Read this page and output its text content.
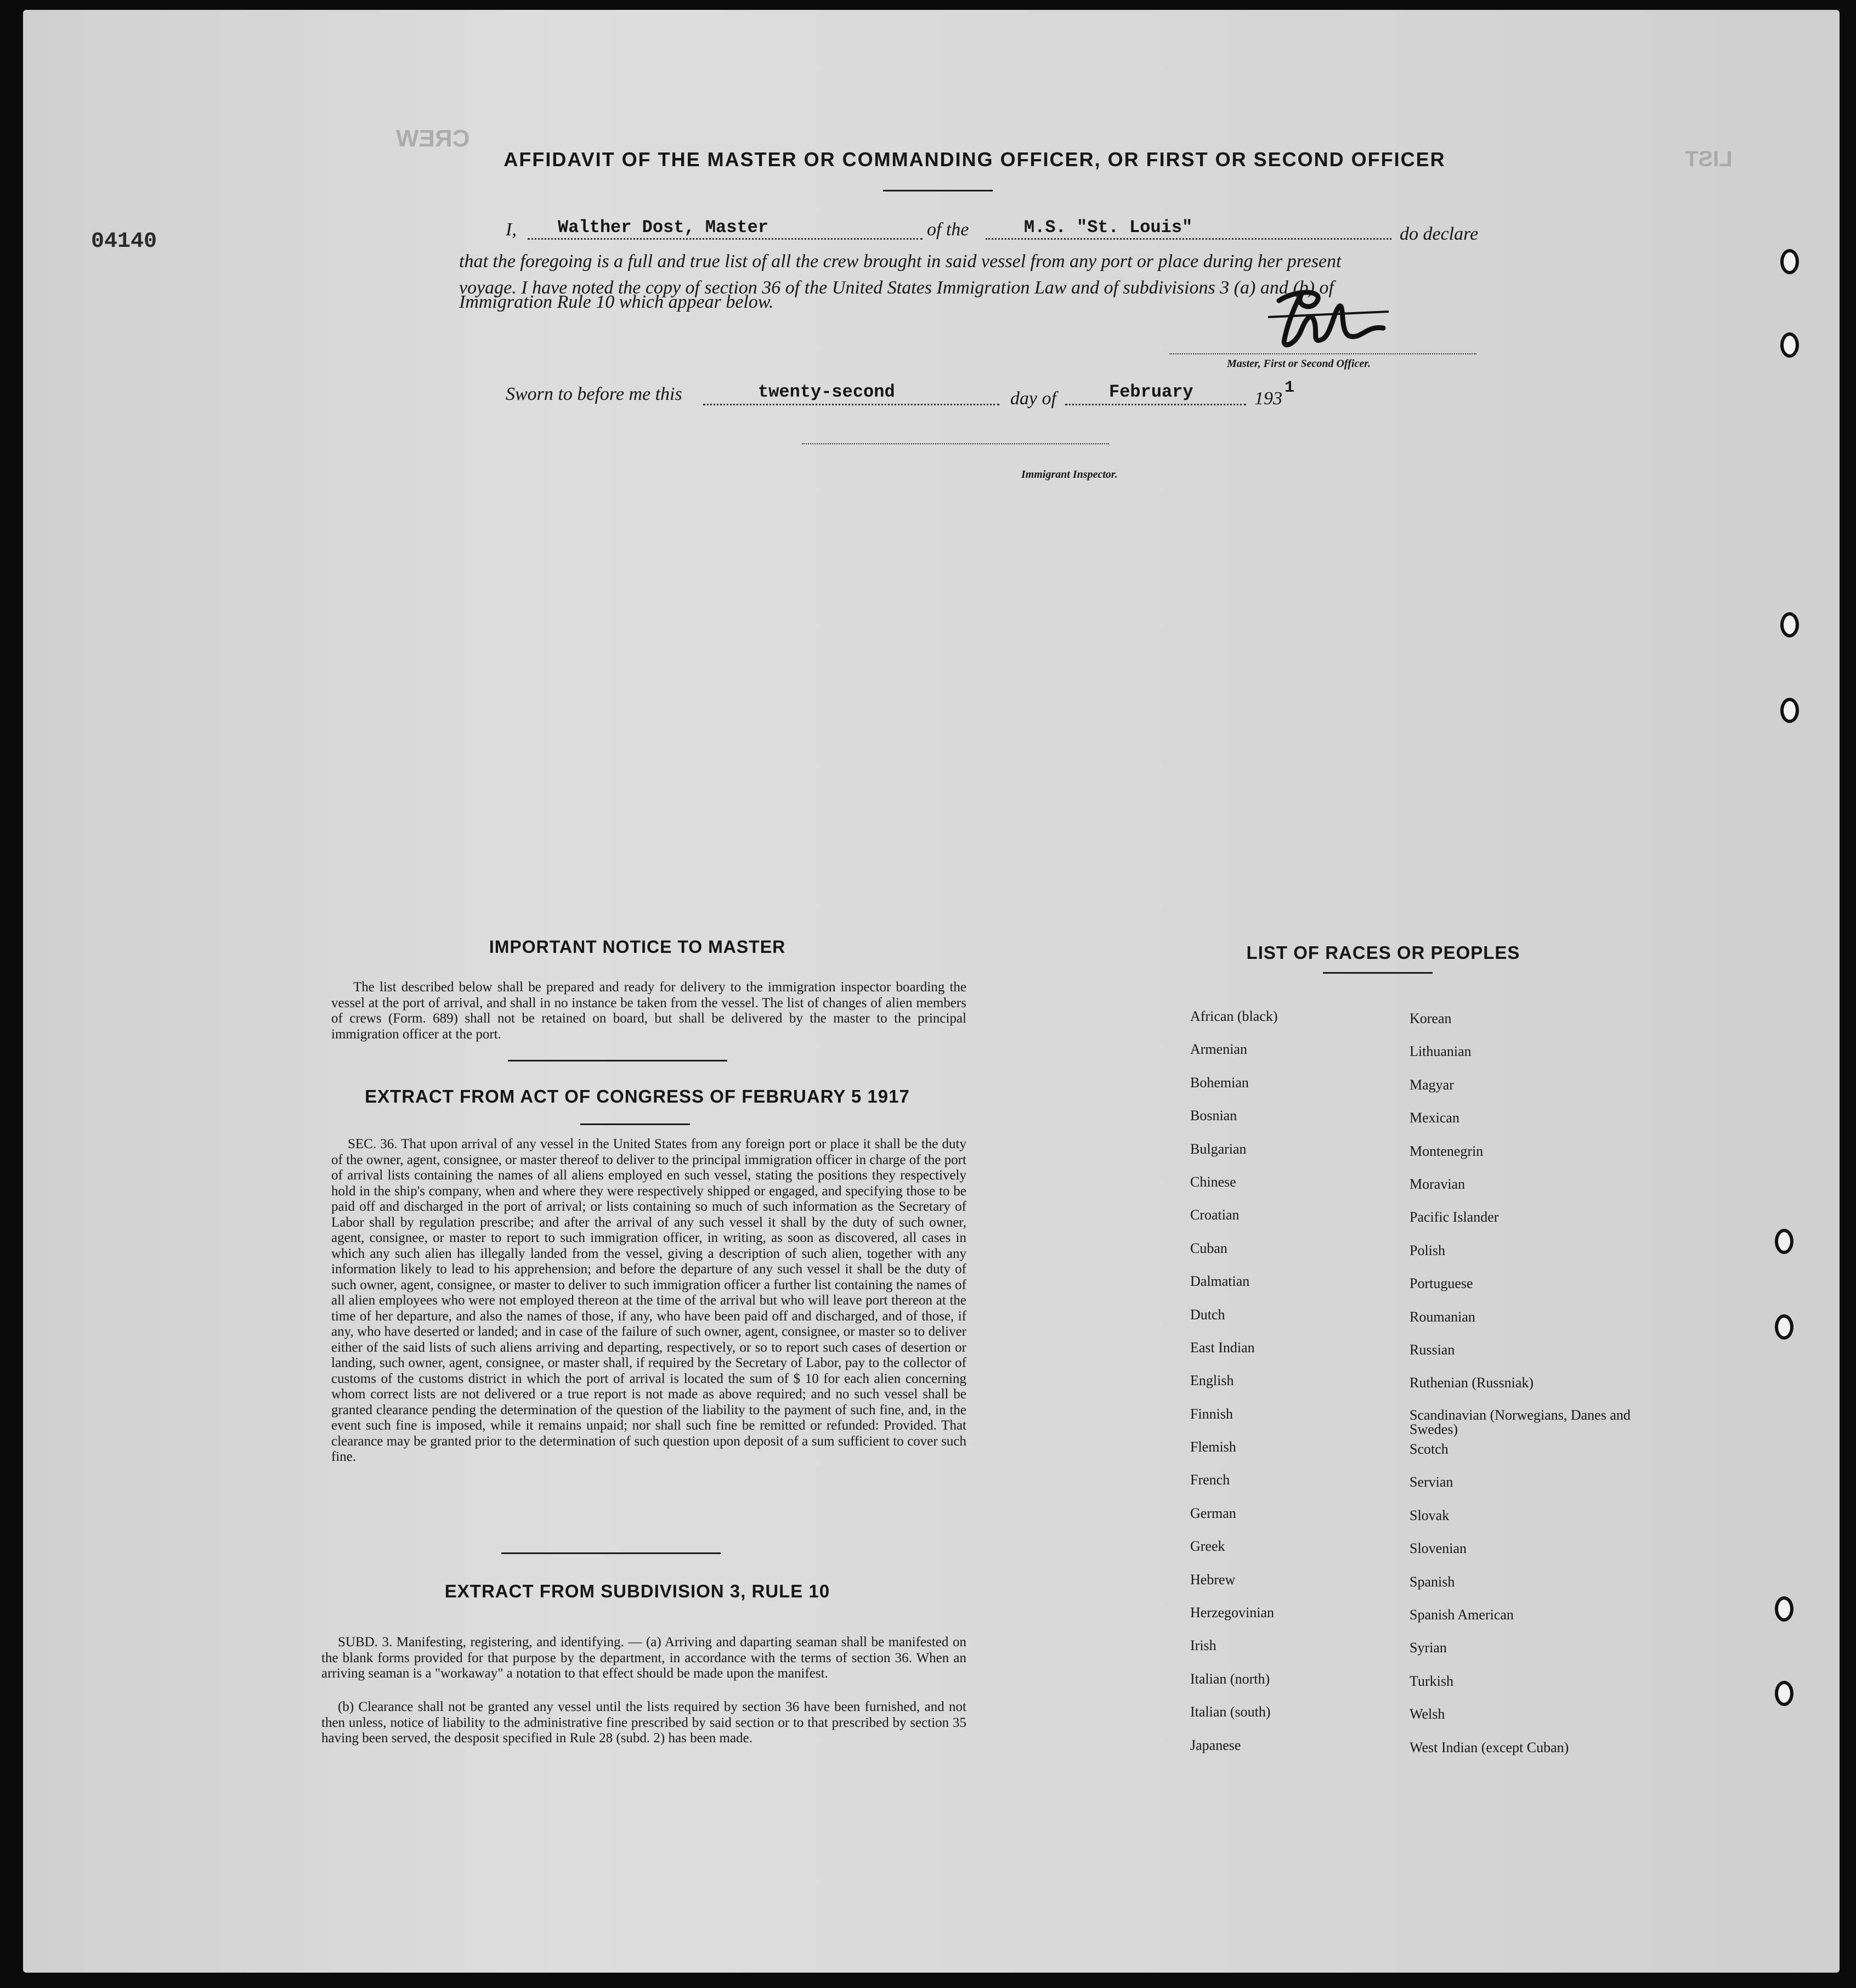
CREW
LIST
04140
AFFIDAVIT OF THE MASTER OR COMMANDING OFFICER, OR FIRST OR SECOND OFFICER
I, Walther Dost, Master	of the	M.S. "St. Louis"	do declare
that the foregoing is a full and true list of all the crew brought in said vessel from any port or place during her present
voyage. I have noted the copy of section 36 of the United States Immigration Law and of subdivisions 3 (a) and (b) of
Immigration Rule 10 which appear below.
Master, First or Second Officer.
Sworn to before me this	twenty-second	day of	February	193
1
Immigrant Inspector.
IMPORTANT NOTICE TO MASTER
The list described below shall be prepared and ready for delivery to the immigration inspector boarding the vessel at the port of arrival, and shall in no instance be taken from the vessel. The list of changes of alien members of crews (Form. 689) shall not be retained on board, but shall be delivered by the master to the principal immigration officer at the port.
EXTRACT FROM ACT OF CONGRESS OF FEBRUARY 5 1917
SEC. 36. That upon arrival of any vessel in the United States from any foreign port or place it shall be the duty of the owner, agent, consignee, or master thereof to deliver to the principal immigration officer in charge of the port of arrival lists containing the names of all aliens employed en such vessel, stating the positions they respectively hold in the ship's company, when and where they were respectively shipped or engaged, and specifying those to be paid off and discharged in the port of arrival; or lists containing so much of such information as the Secretary of Labor shall by regulation prescribe; and after the arrival of any such vessel it shall by the duty of such owner, agent, consignee, or master to report to such immigration officer, in writing, as soon as discovered, all cases in which any such alien has illegally landed from the vessel, giving a description of such alien, together with any information likely to lead to his apprehension; and before the departure of any such vessel it shall be the duty of such owner, agent, consignee, or master to deliver to such immigration officer a further list containing the names of all alien employees who were not employed thereon at the time of the arrival but who will leave port thereon at the time of her departure, and also the names of those, if any, who have been paid off and discharged, and of those, if any, who have deserted or landed; and in case of the failure of such owner, agent, consignee, or master so to deliver either of the said lists of such aliens arriving and departing, respectively, or so to report such cases of desertion or landing, such owner, agent, consignee, or master shall, if required by the Secretary of Labor, pay to the collector of customs of the customs district in which the port of arrival is located the sum of $ 10 for each alien concerning whom correct lists are not delivered or a true report is not made as above required; and no such vessel shall be granted clearance pending the determination of the question of the liability to the payment of such fine, and, in the event such fine is imposed, while it remains unpaid; nor shall such fine be remitted or refunded: Provided. That clearance may be granted prior to the determination of such question upon deposit of a sum sufficient to cover such fine.
EXTRACT FROM SUBDIVISION 3, RULE 10
SUBD. 3. Manifesting, registering, and identifying. — (a) Arriving and daparting seaman shall be manifested on the blank forms provided for that purpose by the department, in accordance with the terms of section 36. When an arriving seaman is a "workaway" a notation to that effect should be made upon the manifest.
(b) Clearance shall not be granted any vessel until the lists required by section 36 have been furnished, and not then unless, notice of liability to the administrative fine prescribed by said section or to that prescribed by section 35 having been served, the desposit specified in Rule 28 (subd. 2) has been made.
LIST OF RACES OR PEOPLES
African (black)
Armenian
Bohemian
Bosnian
Bulgarian
Chinese
Croatian
Cuban
Dalmatian
Dutch
East Indian
English
Finnish
Flemish
French
German
Greek
Hebrew
Herzegovinian
Irish
Italian (north)
Italian (south)
Japanese
Korean
Lithuanian
Magyar
Mexican
Montenegrin
Moravian
Pacific Islander
Polish
Portuguese
Roumanian
Russian
Ruthenian (Russniak)
Scandinavian (Norwegians, Danes and Swedes)
Scotch
Servian
Slovak
Slovenian
Spanish
Spanish American
Syrian
Turkish
Welsh
West Indian (except Cuban)
